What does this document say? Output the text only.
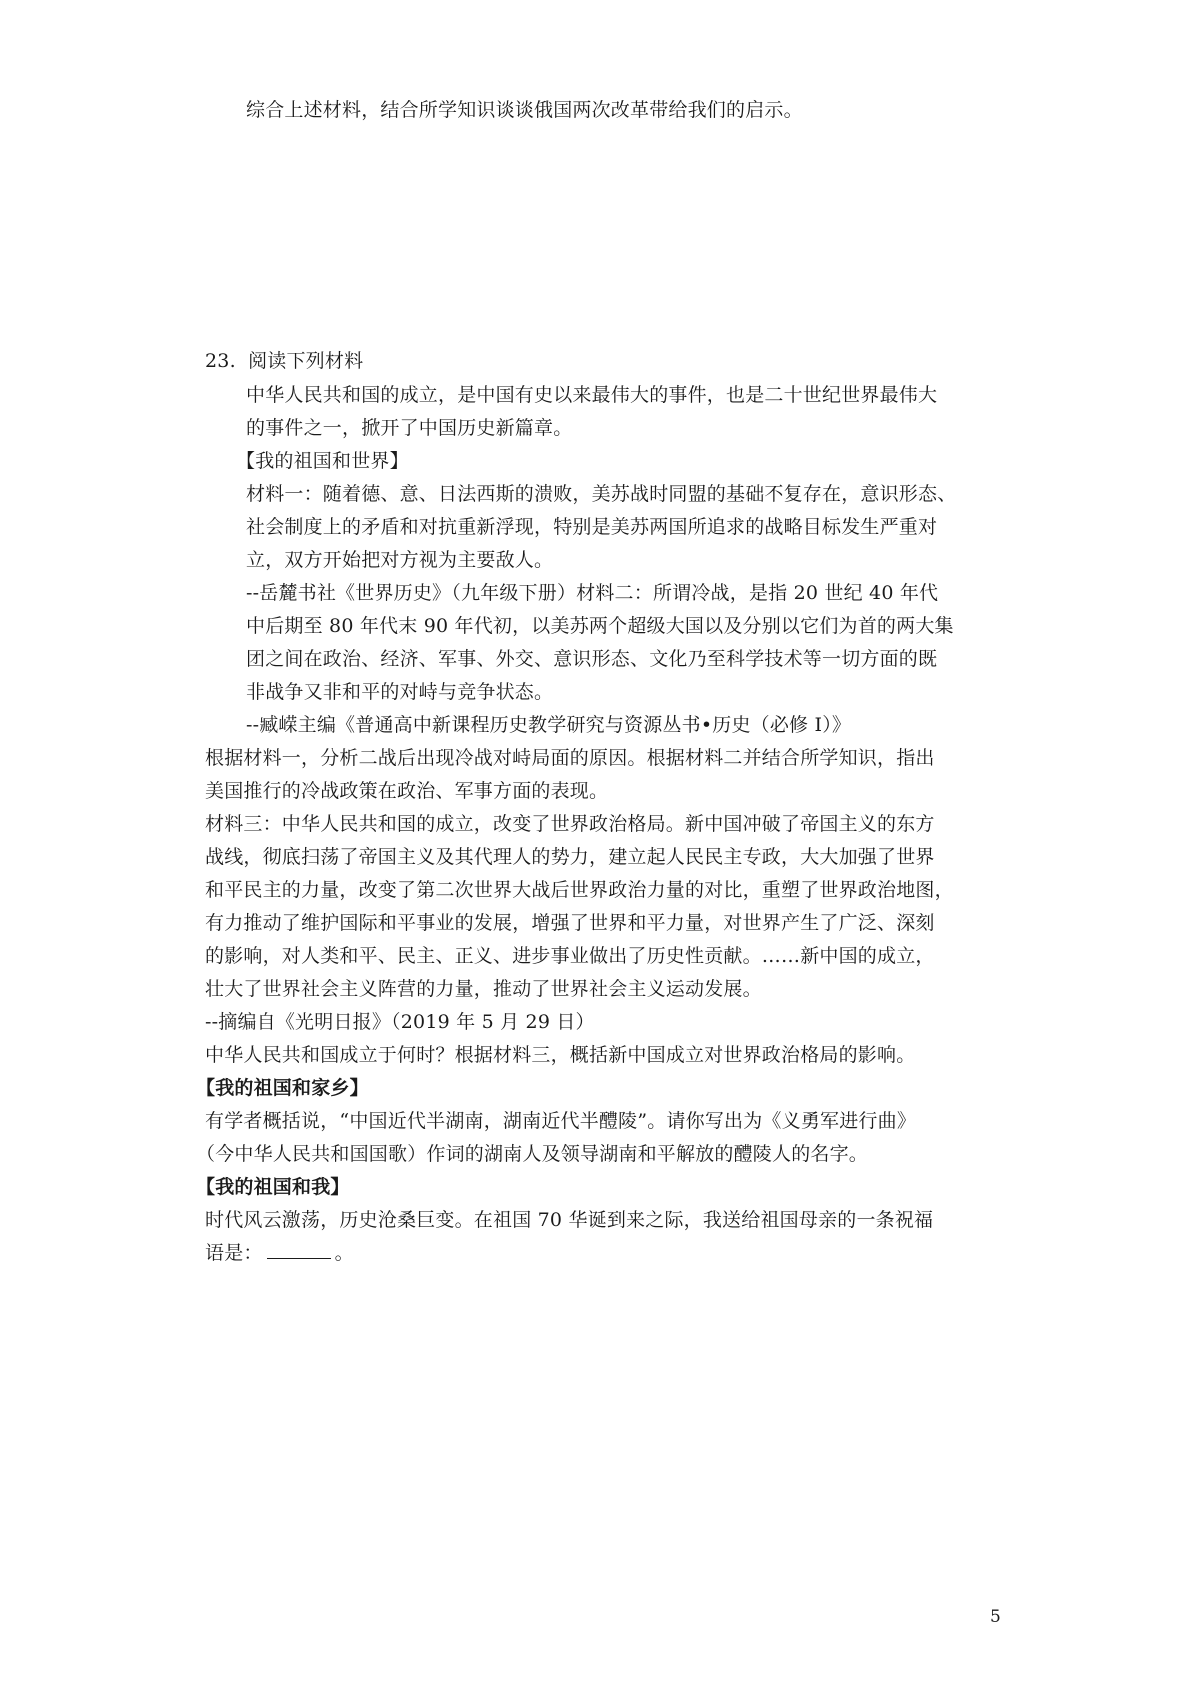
综合上述材料，结合所学知识谈谈俄国两次改革带给我们的启示。
23. 阅读下列材料
中华人民共和国的成立，是中国有史以来最伟大的事件，也是二十世纪世界最伟大
的事件之一，掀开了中国历史新篇章。
【我的祖国和世界】
材料一：随着德、意、日法西斯的溃败，美苏战时同盟的基础不复存在，意识形态、
社会制度上的矛盾和对抗重新浮现，特别是美苏两国所追求的战略目标发生严重对
立，双方开始把对方视为主要敌人。
--岳麓书社《世界历史》（九年级下册）材料二：所谓冷战，是指 20 世纪 40 年代
中后期至 80 年代末 90 年代初，以美苏两个超级大国以及分别以它们为首的两大集
团之间在政治、经济、军事、外交、意识形态、文化乃至科学技术等一切方面的既
非战争又非和平的对峙与竞争状态。
--臧嵘主编《普通高中新课程历史教学研究与资源丛书•历史（必修 I）》
根据材料一，分析二战后出现冷战对峙局面的原因。根据材料二并结合所学知识，指出
美国推行的冷战政策在政治、军事方面的表现。
材料三：中华人民共和国的成立，改变了世界政治格局。新中国冲破了帝国主义的东方
战线，彻底扫荡了帝国主义及其代理人的势力，建立起人民民主专政，大大加强了世界
和平民主的力量，改变了第二次世界大战后世界政治力量的对比，重塑了世界政治地图，
有力推动了维护国际和平事业的发展，增强了世界和平力量，对世界产生了广泛、深刻
的影响，对人类和平、民主、正义、进步事业做出了历史性贡献。……新中国的成立，
壮大了世界社会主义阵营的力量，推动了世界社会主义运动发展。
--摘编自《光明日报》（2019 年 5 月 29 日）
中华人民共和国成立于何时？根据材料三，概括新中国成立对世界政治格局的影响。
【我的祖国和家乡】
有学者概括说，“中国近代半湖南，湖南近代半醴陵”。请你写出为《义勇军进行曲》
（今中华人民共和国国歌）作词的湖南人及领导湖南和平解放的醴陵人的名字。
【我的祖国和我】
时代风云激荡，历史沧桑巨变。在祖国 70 华诞到来之际，我送给祖国母亲的一条祝福
语是：	。
5
